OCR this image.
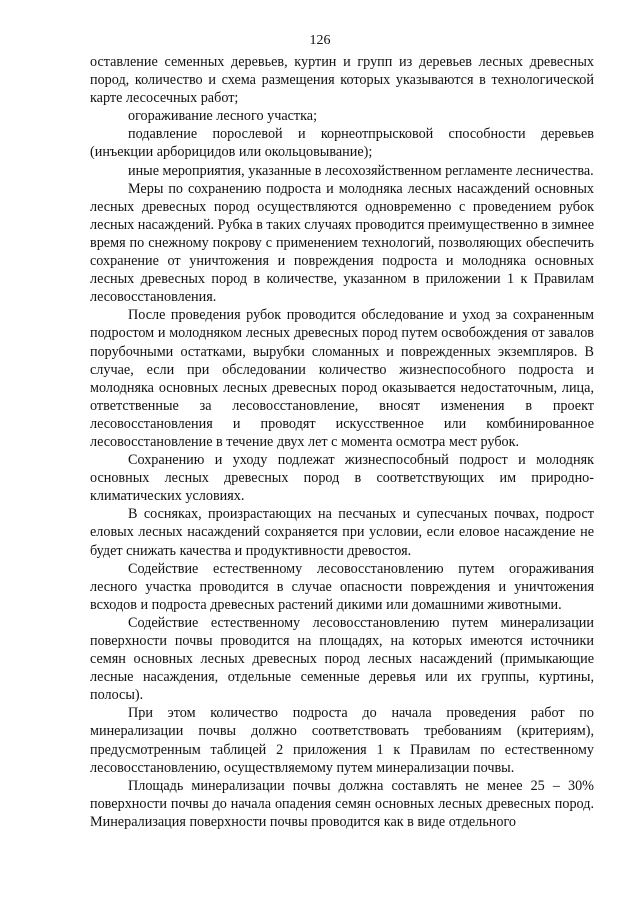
126

оставление семенных деревьев, куртин и групп из деревьев лесных древесных пород, количество и схема размещения которых указываются в технологической карте лесосечных работ;

огораживание лесного участка;

подавление порослевой и корнеотпрысковой способности деревьев (инъекции арборицидов или окольцовывание);

иные мероприятия, указанные в лесохозяйственном регламенте лесничества.

Меры по сохранению подроста и молодняка лесных насаждений основных лесных древесных пород осуществляются одновременно с проведением рубок лесных насаждений. Рубка в таких случаях проводится преимущественно в зимнее время по снежному покрову с применением технологий, позволяющих обеспечить сохранение от уничтожения и повреждения подроста и молодняка основных лесных древесных пород в количестве, указанном в приложении 1 к Правилам лесовосстановления.

После проведения рубок проводится обследование и уход за сохраненным подростом и молодняком лесных древесных пород путем освобождения от завалов порубочными остатками, вырубки сломанных и поврежденных экземпляров. В случае, если при обследовании количество жизнеспособного подроста и молодняка основных лесных древесных пород оказывается недостаточным, лица, ответственные за лесовосстановление, вносят изменения в проект лесовосстановления и проводят искусственное или комбинированное лесовосстановление в течение двух лет с момента осмотра мест рубок.

Сохранению и уходу подлежат жизнеспособный подрост и молодняк основных лесных древесных пород в соответствующих им природно-климатических условиях.

В сосняках, произрастающих на песчаных и супесчаных почвах, подрост еловых лесных насаждений сохраняется при условии, если еловое насаждение не будет снижать качества и продуктивности древостоя.

Содействие естественному лесовосстановлению путем огораживания лесного участка проводится в случае опасности повреждения и уничтожения всходов и подроста древесных растений дикими или домашними животными.

Содействие естественному лесовосстановлению путем минерализации поверхности почвы проводится на площадях, на которых имеются источники семян основных лесных древесных пород лесных насаждений (примыкающие лесные насаждения, отдельные семенные деревья или их группы, куртины, полосы).

При этом количество подроста до начала проведения работ по минерализации почвы должно соответствовать требованиям (критериям), предусмотренным таблицей 2 приложения 1 к Правилам по естественному лесовосстановлению, осуществляемому путем минерализации почвы.

Площадь минерализации почвы должна составлять не менее 25 – 30% поверхности почвы до начала опадения семян основных лесных древесных пород. Минерализация поверхности почвы проводится как в виде отдельного
